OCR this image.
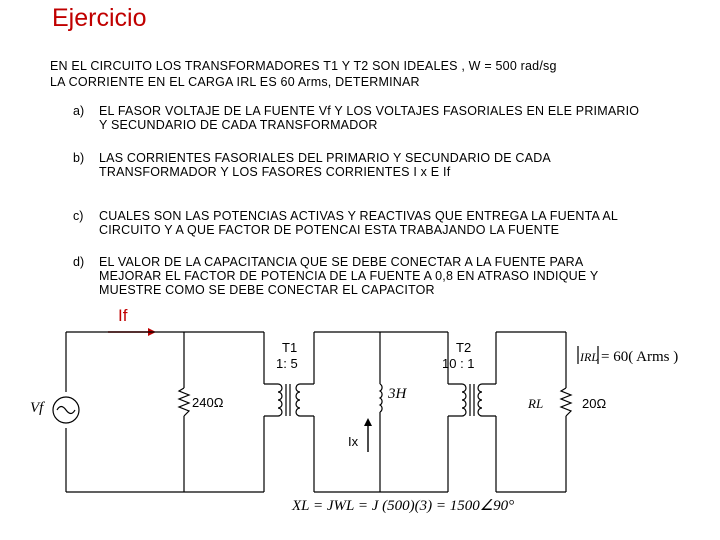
Ejercicio
EN EL CIRCUITO LOS TRANSFORMADORES T1 Y T2 SON IDEALES , W = 500 rad/sg
LA CORRIENTE EN EL CARGA IRL ES 60 Arms, DETERMINAR
a)	EL FASOR VOLTAJE DE LA FUENTE Vf Y LOS VOLTAJES FASORIALES EN ELE PRIMARIO
Y SECUNDARIO DE CADA TRANSFORMADOR
b)	LAS CORRIENTES FASORIALES DEL PRIMARIO Y SECUNDARIO DE CADA
TRANSFORMADOR Y LOS FASORES CORRIENTES I x E If
c)	CUALES SON LAS POTENCIAS ACTIVAS Y REACTIVAS QUE ENTREGA LA FUENTA AL
CIRCUITO Y A QUE FACTOR DE POTENCAI ESTA TRABAJANDO LA FUENTE
d)	EL VALOR DE LA CAPACITANCIA QUE SE DEBE CONECTAR A LA FUENTE PARA
MEJORAR EL FACTOR DE POTENCIA DE LA FUENTE A 0,8 EN ATRASO INDIQUE Y
MUESTRE COMO SE DEBE CONECTAR EL CAPACITOR
If
Vf	240Ω
T1
1: 5
3H
Ix
T2
10 : 1
RL	20Ω
IRL = 60( Arms )
XL = JWL = J (500)(3) = 1500∠90°
